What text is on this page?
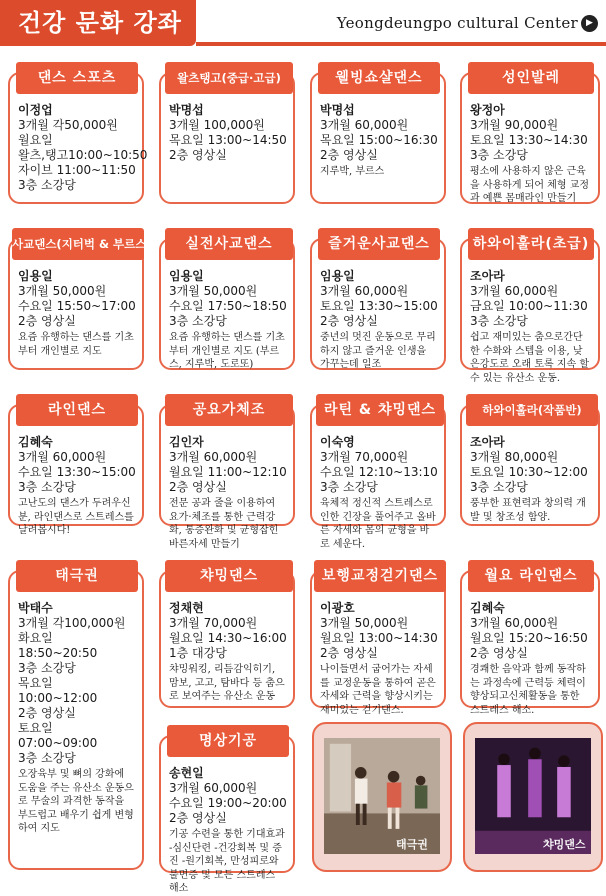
건강 문화 강좌	Yeongdeungpo cultural Center ▶
댄스 스포츠
이정업
3개월 각50,000원
월요일
왈츠,탱고10:00~10:50
자이브 11:00~11:50
3층 소강당
왈츠탱고(중급·고급)
박명섭
3개월 100,000원
목요일 13:00~14:50
2층 영상실
웰빙쇼샬댄스
박명섭
3개월 60,000원
목요일 15:00~16:30
2층 영상실
지루박, 부르스
성인발레
왕정아
3개월 90,000원
토요일 13:30~14:30
3층 소강당
평소에 사용하지 않은 근육을 사용하게 되어 체형 교정과 예쁜 몸매라인 만들기
사교댄스(지터벅 & 부르스)
임용일
3개월 50,000원
수요일 15:50~17:00
2층 영상실
요즘 유행하는 댄스를 기초부터 개인별로 지도
실전사교댄스
임용일
3개월 50,000원
수요일 17:50~18:50
3층 소강당
요즘 유행하는 댄스를 기초부터 개인별로 지도 (부르스, 지루박, 도로또)
즐거운사교댄스
임용일
3개월 60,000원
토요일 13:30~15:00
2층 영상실
중년의 멋진 운동으로 무리하지 않고 즐거운 인생을 가꾸는데 일조
하와이훌라(초급)
조아라
3개월 60,000원
금요일 10:00~11:30
3층 소강당
쉽고 재미있는 춤으로간단한 수화와 스텝을 이용, 낮은강도로 오래 토록 지속 할 수 있는 유산소 운동.
라인댄스
김혜숙
3개월 60,000원
수요일 13:30~15:00
3층 소강당
고난도의 댄스가 두려우신 분, 라인댄스로 스트레스를 날려봅시다!
공요가체조
김인자
3개월 60,000원
월요일 11:00~12:10
2층 영상실
전문 공과 줄을 이용하여 요가·체조를 통한 근력강화, 통증완화 및 균형잡힌 바른자세 만들기
라틴 & 챠밍댄스
이숙영
3개월 70,000원
수요일 12:10~13:10
3층 소강당
육체적 정신적 스트레스로 인한 긴장을 풀어주고 올바른 자세와 몸의 균형을 바로 세운다.
하와이훌라(작품반)
조아라
3개월 80,000원
토요일 10:30~12:00
3층 소강당
풍부한 표현력과 창의력 개발 및 창조성 함양.
태극권
박태수
3개월 각100,000원
화요일
18:50~20:50
3층 소강당
목요일
10:00~12:00
2층 영상실
토요일
07:00~09:00
3층 소강당
오장육부 및 뼈의 강화에 도움을 주는 유산소 운동으로 무술의 과격한 동작을 부드럽고 배우기 쉽게 변형하여 지도
챠밍댄스
정채현
3개월 70,000원
월요일 14:30~16:00
1층 대강당
챠밍워킹, 리듬감익히기, 맘보, 고고, 탐바다 등 춤으로 보여주는 유산소 운동
보행교정걷기댄스
이광호
3개월 50,000원
월요일 13:00~14:30
2층 영상실
나이들면서 굽어가는 자세를 교정운동을 통하여 곧은자세와 근력을 향상시키는 재미있는 걷기댄스.
월요 라인댄스
김혜숙
3개월 60,000원
월요일 15:20~16:50
2층 영상실
경쾌한 음악과 함께 동작하는 과정속에 근력등 체력이 향상되고신체활동을 통한 스트레스 해소.
명상기공
송현일
3개월 60,000원
수요일 19:00~20:00
2층 영상실
기공 수련을 통한 기대효과 -심신단련 -건강회복 및 증진 -원기회복, 만성피로와 불면증 및 모든 스트레스 해소
태극권	챠밍댄스
